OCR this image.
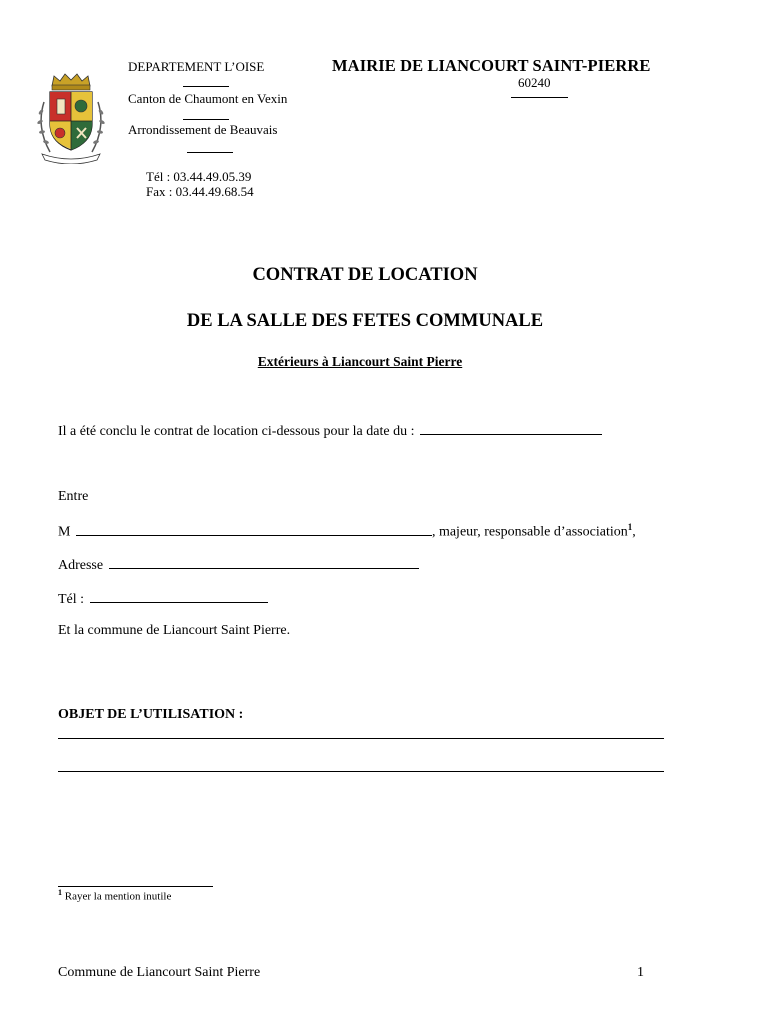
DEPARTEMENT L’OISE
Canton de Chaumont en Vexin
Arrondissement de Beauvais
Tél : 03.44.49.05.39
Fax : 03.44.49.68.54
MAIRIE DE LIANCOURT SAINT-PIERRE
60240
CONTRAT DE LOCATION
DE LA SALLE DES FETES COMMUNALE
Extérieurs à Liancourt Saint Pierre
Il a été conclu le contrat de location ci-dessous pour la date du :
Entre
M	, majeur, responsable d’association$^1$,
Adresse
Tél :
Et la commune de Liancourt Saint Pierre.
OBJET DE L’UTILISATION :
$^1$ Rayer la mention inutile
Commune de Liancourt Saint Pierre	1
